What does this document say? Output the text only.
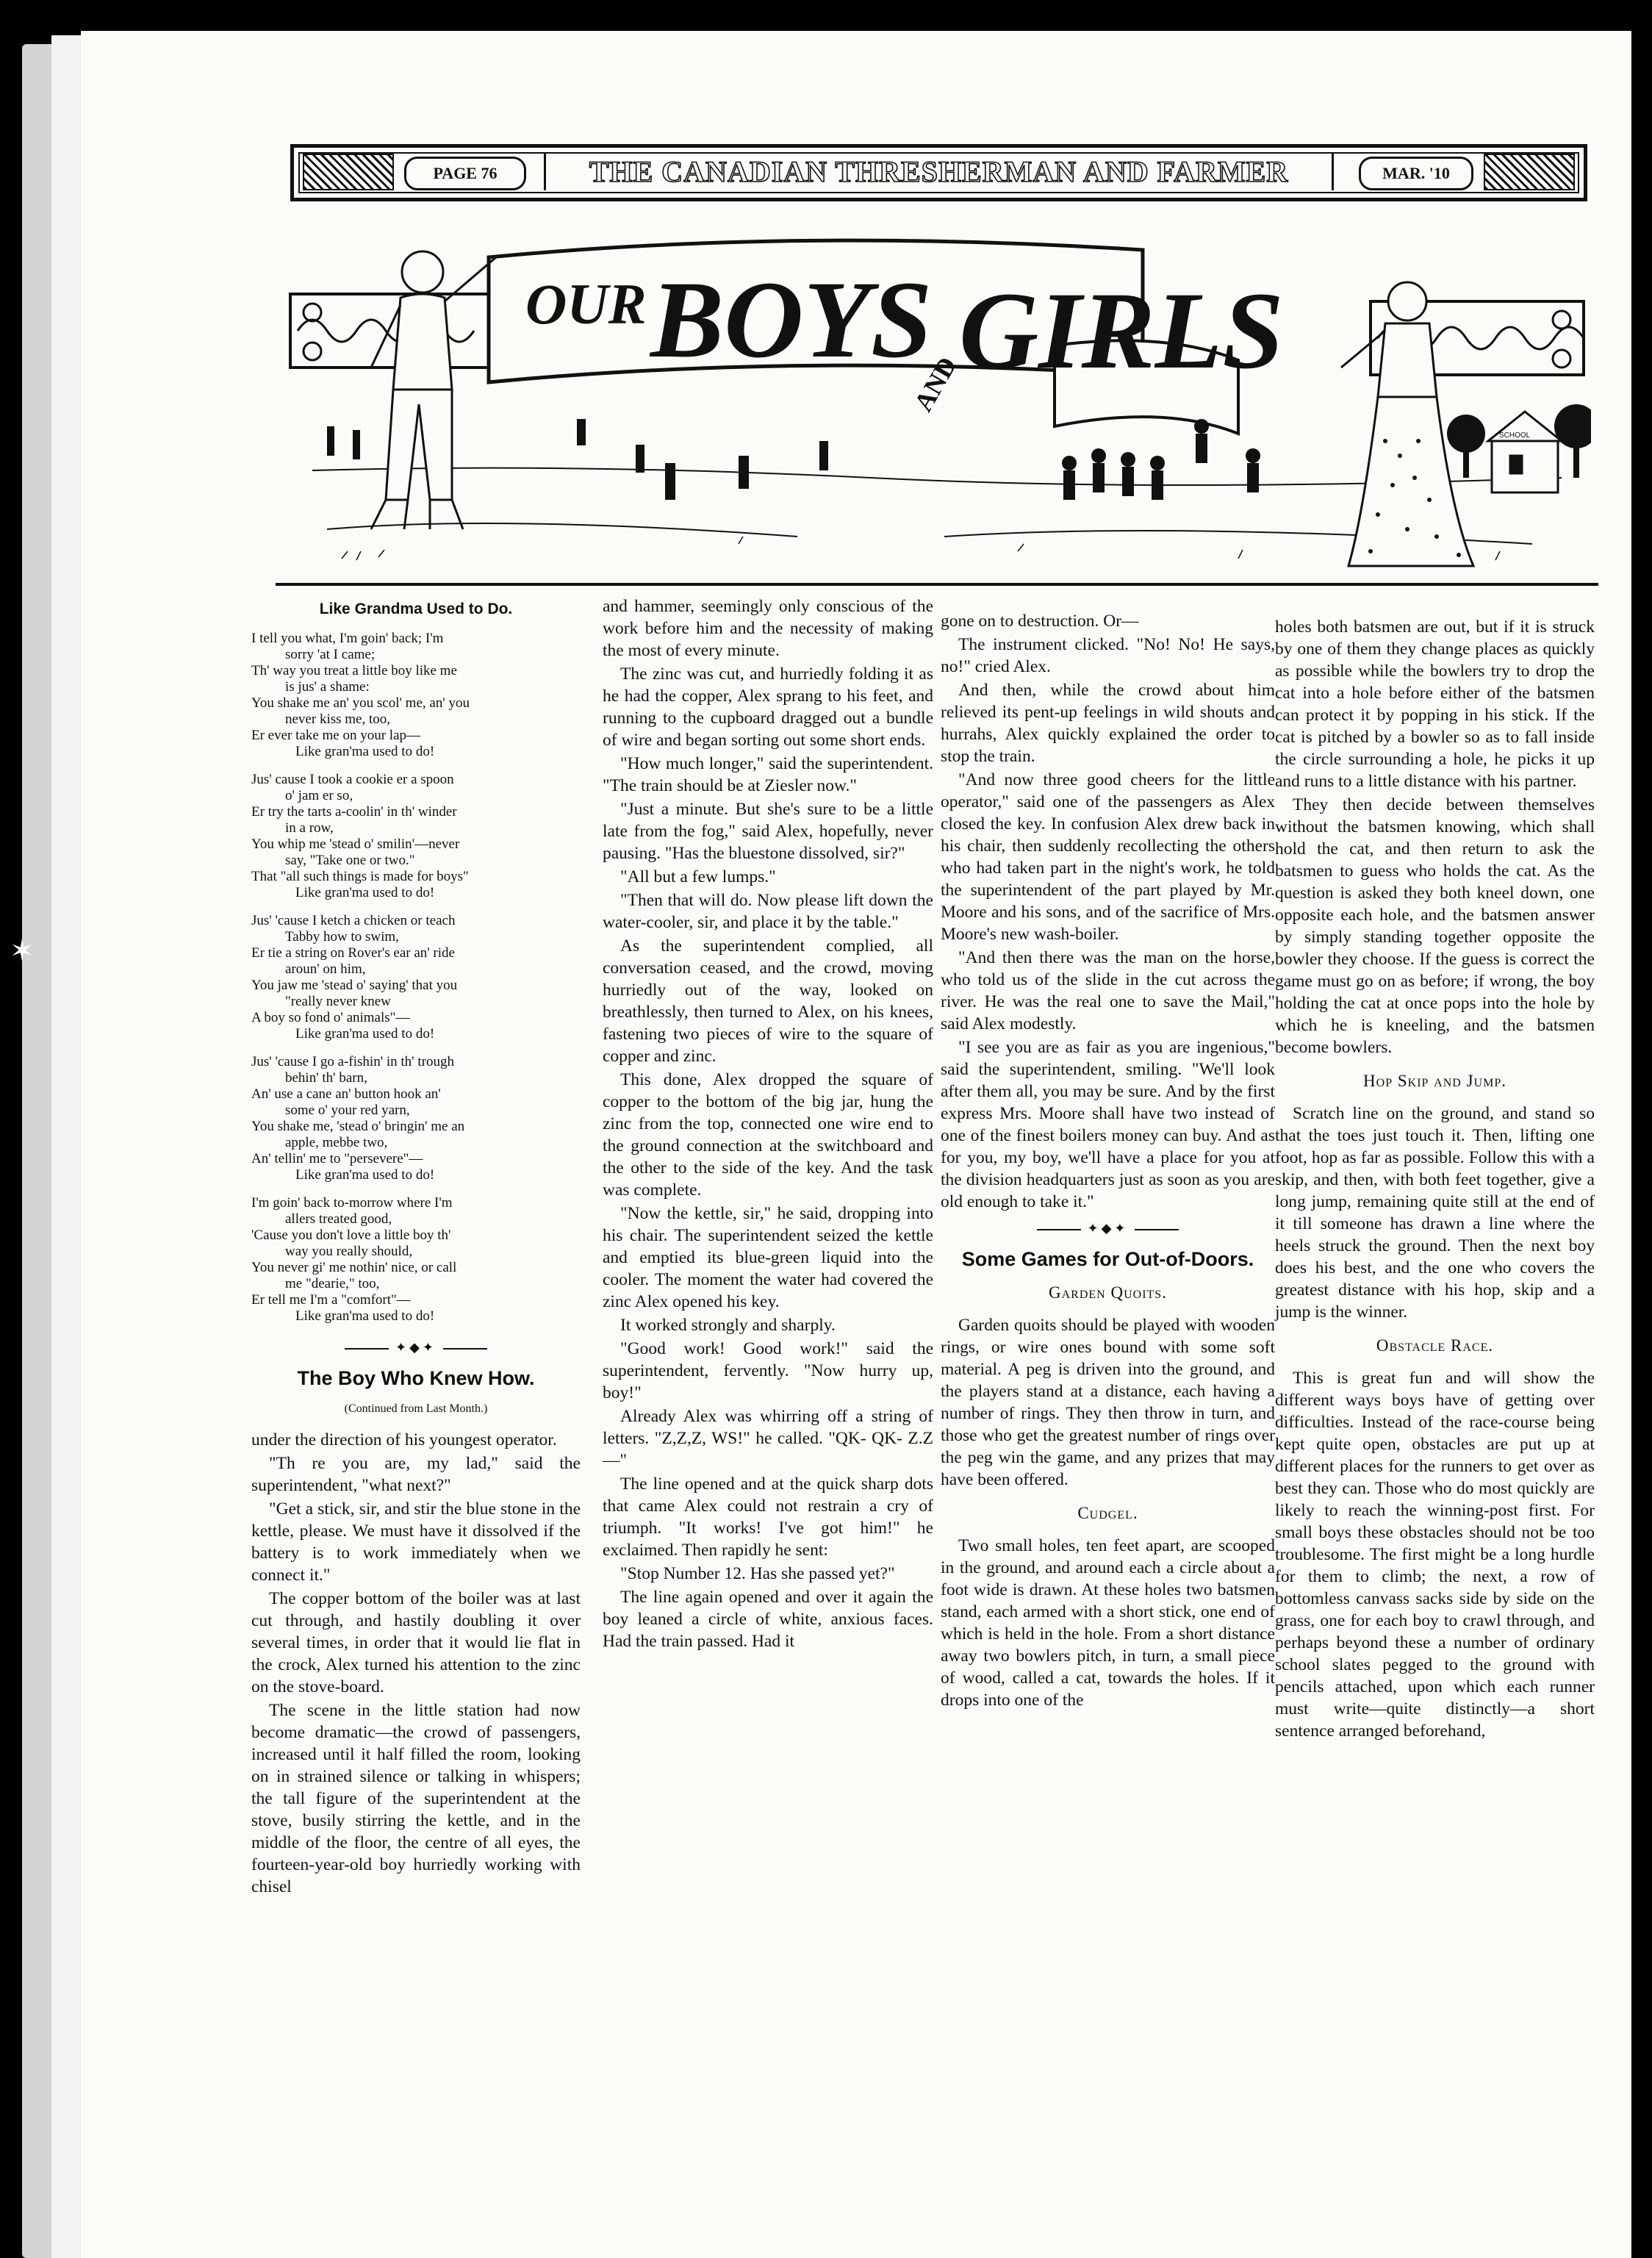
✶
PAGE 76	THE CANADIAN THRESHERMAN AND FARMER	MAR. '10
OUR BOYS
AND
GIRLS
SCHOOL
Like Grandma Used to Do.
I tell you what, I'm goin' back; I'm
sorry 'at I came;
Th' way you treat a little boy like me
is jus' a shame:
You shake me an' you scol' me, an' you
never kiss me, too,
Er ever take me on your lap—
Like gran'ma used to do!
Jus' cause I took a cookie er a spoon
o' jam er so,
Er try the tarts a-coolin' in th' winder
in a row,
You whip me 'stead o' smilin'—never
say, "Take one or two."
That "all such things is made for boys"
Like gran'ma used to do!
Jus' 'cause I ketch a chicken or teach
Tabby how to swim,
Er tie a string on Rover's ear an' ride
aroun' on him,
You jaw me 'stead o' saying' that you
"really never knew
A boy so fond o' animals"—
Like gran'ma used to do!
Jus' 'cause I go a-fishin' in th' trough
behin' th' barn,
An' use a cane an' button hook an'
some o' your red yarn,
You shake me, 'stead o' bringin' me an
apple, mebbe two,
An' tellin' me to "persevere"—
Like gran'ma used to do!
I'm goin' back to-morrow where I'm
allers treated good,
'Cause you don't love a little boy th'
way you really should,
You never gi' me nothin' nice, or call
me "dearie," too,
Er tell me I'm a "comfort"—
Like gran'ma used to do!
✦◆✦
The Boy Who Knew How.
(Continued from Last Month.)

under the direction of his youngest operator.

"Th re you are, my lad," said the superintendent, "what next?"

"Get a stick, sir, and stir the blue stone in the kettle, please. We must have it dissolved if the battery is to work immediately when we connect it."

The copper bottom of the boiler was at last cut through, and hastily doubling it over several times, in order that it would lie flat in the crock, Alex turned his attention to the zinc on the stove-board.

The scene in the little station had now become dramatic—the crowd of passengers, increased until it half filled the room, looking on in strained silence or talking in whispers; the tall figure of the superintendent at the stove, busily stirring the kettle, and in the middle of the floor, the centre of all eyes, the fourteen-year-old boy hurriedly working with chisel

and hammer, seemingly only conscious of the work before him and the necessity of making the most of every minute.

The zinc was cut, and hurriedly folding it as he had the copper, Alex sprang to his feet, and running to the cupboard dragged out a bundle of wire and began sorting out some short ends.

"How much longer," said the superintendent. "The train should be at Ziesler now."

"Just a minute. But she's sure to be a little late from the fog," said Alex, hopefully, never pausing. "Has the bluestone dissolved, sir?"

"All but a few lumps."

"Then that will do. Now please lift down the water-cooler, sir, and place it by the table."

As the superintendent complied, all conversation ceased, and the crowd, moving hurriedly out of the way, looked on breathlessly, then turned to Alex, on his knees, fastening two pieces of wire to the square of copper and zinc.

This done, Alex dropped the square of copper to the bottom of the big jar, hung the zinc from the top, connected one wire end to the ground connection at the switchboard and the other to the side of the key. And the task was complete.

"Now the kettle, sir," he said, dropping into his chair. The superintendent seized the kettle and emptied its blue-green liquid into the cooler. The moment the water had covered the zinc Alex opened his key.

It worked strongly and sharply.

"Good work! Good work!" said the superintendent, fervently. "Now hurry up, boy!"

Already Alex was whirring off a string of letters. "Z,Z,Z, WS!" he called. "QK- QK- Z.Z—"

The line opened and at the quick sharp dots that came Alex could not restrain a cry of triumph. "It works! I've got him!" he exclaimed. Then rapidly he sent:

"Stop Number 12. Has she passed yet?"

The line again opened and over it again the boy leaned a circle of white, anxious faces. Had the train passed. Had it

gone on to destruction. Or—

The instrument clicked. "No! No! He says, no!" cried Alex.

And then, while the crowd about him relieved its pent-up feelings in wild shouts and hurrahs, Alex quickly explained the order to stop the train.

"And now three good cheers for the little operator," said one of the passengers as Alex closed the key. In confusion Alex drew back in his chair, then suddenly recollecting the others who had taken part in the night's work, he told the superintendent of the part played by Mr. Moore and his sons, and of the sacrifice of Mrs. Moore's new wash-boiler.

"And then there was the man on the horse, who told us of the slide in the cut across the river. He was the real one to save the Mail," said Alex modestly.

"I see you are as fair as you are ingenious," said the superintendent, smiling. "We'll look after them all, you may be sure. And by the first express Mrs. Moore shall have two instead of one of the finest boilers money can buy. And as for you, my boy, we'll have a place for you at the division headquarters just as soon as you are old enough to take it."

✦◆✦
Some Games for Out-of-Doors.
Garden Quoits.

Garden quoits should be played with wooden rings, or wire ones bound with some soft material. A peg is driven into the ground, and the players stand at a distance, each having a number of rings. They then throw in turn, and those who get the greatest number of rings over the peg win the game, and any prizes that may have been offered.

Cudgel.

Two small holes, ten feet apart, are scooped in the ground, and around each a circle about a foot wide is drawn. At these holes two batsmen stand, each armed with a short stick, one end of which is held in the hole. From a short distance away two bowlers pitch, in turn, a small piece of wood, called a cat, towards the holes. If it drops into one of the

holes both batsmen are out, but if it is struck by one of them they change places as quickly as possible while the bowlers try to drop the cat into a hole before either of the batsmen can protect it by popping in his stick. If the cat is pitched by a bowler so as to fall inside the circle surrounding a hole, he picks it up and runs to a little distance with his partner.

They then decide between themselves without the batsmen knowing, which shall hold the cat, and then return to ask the batsmen to guess who holds the cat. As the question is asked they both kneel down, one opposite each hole, and the batsmen answer by simply standing together opposite the bowler they choose. If the guess is correct the game must go on as before; if wrong, the boy holding the cat at once pops into the hole by which he is kneeling, and the batsmen become bowlers.

Hop Skip and Jump.

Scratch line on the ground, and stand so that the toes just touch it. Then, lifting one foot, hop as far as possible. Follow this with a skip, and then, with both feet together, give a long jump, remaining quite still at the end of it till someone has drawn a line where the heels struck the ground. Then the next boy does his best, and the one who covers the greatest distance with his hop, skip and a jump is the winner.

Obstacle Race.

This is great fun and will show the different ways boys have of getting over difficulties. Instead of the race-course being kept quite open, obstacles are put up at different places for the runners to get over as best they can. Those who do most quickly are likely to reach the winning-post first. For small boys these obstacles should not be too troublesome. The first might be a long hurdle for them to climb; the next, a row of bottomless canvass sacks side by side on the grass, one for each boy to crawl through, and perhaps beyond these a number of ordinary school slates pegged to the ground with pencils attached, upon which each runner must write—quite distinctly—a short sentence arranged beforehand,
